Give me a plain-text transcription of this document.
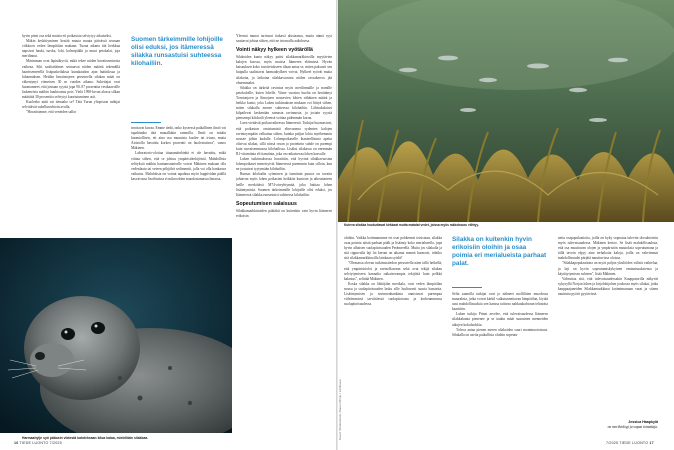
hyvin pieni osa sekä muista eti poikasista selviytyy aikuiseksi.

Mäkin keskittyminen kestää muuta muuta päivässä seuraan viikkoon veden lämpötilan mukaan. Tuona aikana tiiä herkkua napsivat haukt, turska, lohi, kolmipiikki ja muut petokalat, joja merilinnut.

Märimman ovat läpinäkyviä, mikä tekee niiden havaitsemisesta vaikeaa. Silti saaliseläimet seuraavat niiden määriä tekemällä haaritsemeerllä lisäpuskeilaksia kunakaudon ajan huiittiksua ja luhannuksen. Heidän havaintojeen perusteella silakan määt on vähentynyt viimeisen 30 m vuoden aikana. Suketiajat ovat huomanneet, että joutaan syystä jopa 90–97 prosenttia vesikaavoille laskeneista mäihin huuhtoutuu pois. Vielä 1990-luvun alussa silkan määtäitä 30 prosenttia selviytyi kuoriutuminen asti.

Kuoleeko mäti vai itenaako se? Tätä Turun yliopiston tutkijat selvittävät sukelluserhtoin avulla.

"Havaitsimme, että veneiden sallot

Suomen tärkeimmille lohijoille olisi eduksi, jos itämeressä silakka runsastuisi suhteessa kilohailiin.

irrottavat kuvaa. Emme tiedä, onko kyseessä paikallinen ilmiö vai tapahtuuko tätä muuallakin rannoilla. Ilmiö on mitäin huomiollisen, ett aina osa muunista kuoleе tai irtoaa, mutta Airistolla havaittu korkea prosentti on huolestuttava", sanoo Mäkinen.

Laboratorio-olotiua ittuaamäinhinhä ei ole havaittu, mikä viittaa siihen, että se johtuu ympäristötekijöistä. Mahdollisia selityksiä mäihin hautumstuntselle voivat Mäkinen mukaan olla vedenlaatu tai veteen pöhjälvä sedimentti, jolla voi olla hankaava vaikutus. Mahdoksia on voinut tapahtua myös happividan päällä kasvavassa lisoihtuissa ei mikroobien muodostamassa limassa.

Harmaahylje syö pääosin viidestä kahdeksaan kiloa kalaa, mielellään silakkaa.
16 TIEDE LUONTO 7/2025

Yleensä munat tarttuvat tiukasti alustaansa, mutta nämä syyt saattavat johtaa siihen, että ne irtoavalla aaltoksesa.

Vointi näkyy hylkeen vyötäröllä

Silakoiden kunto näkyy paitsi silakkamarkkinoilla myytävien kalojen koossa, myös muissa Itämeren eläimissä. Hyvän katsauksen koko tavoitetokseen tilaan antaa se, miten paksusti sen huipulla saalistavat harmaahylkeet voivat. Hylkeet syövät muita silakoita, ja laihoina silakkavuosina niiden rasvakerros jää ohuemmaksi.

Silakka on tärkeää ravintoa myös merilinnuille ja monille petokaloille, kuten lohelle. Viime vuosina huolta on herättänyt Tornionjoen ja Simojoen nousevien lohien vähäinen määrä ja heikko kunto, joka Luken tutkimuksen mukaan voi liittyä siihen, miten silakalla menee suhteessa kilohailiin. Lähisukulaiset kilpailevat keskenään samasta ravinnosta, ja jostain syystä piensempi kilohaili yleensä voittaa pidemmän koron.

Luen viettävät poikasvaiheessa Itämerestä. Tutkijat huomasivat, että poikaston omistumistä elinvuonna sydenten kalojen ravintoympään valkuttaa siihen, kuinka paljon lohia myöhemmin nousee joihin kudulle. Lohenpoikaselle ihanteellisinta apetta olisivat silakat, sillä niissä ravan ja proteiinin suhde on parempi kuin rasvaisemmassa kilohailissa. Lisäksi silakassa on enemmän B1-vitamiinia eli tiamiinia, joka on ratkaisevaa lohen kasvulle.

Luken tutkimuksessa havaittiin, että hyvinä silakkavuosina lohenpoikaset menestyivät Itämeressä paremmin kuin silloin, kun ne joutuivat tyytymään kilohailiin.

Runsas kilohailin syöminen ja tiamiinin puutos on tavattu johtavan myös lohen poikasten heikkiin kuntoon ja aiheuttaneen heille merkittävä M74-oireyhtymää, joka haittaa lohen lisääntymistä. Suomen tärkeimmille lohijoille olisi eduksi, jos Itämeressä silakka runsastuisi suhteessa kilohailiin.

Sopeutumisen salaisuus

Silakkamarkkinoiden päätähti on kuitenkin vain hyvin Itämeren erikoisin

Kuteva silakka houkuttavat kirkkaat mutta matalat vedet, joissa myös rakkohauru viihtyy.
Kuvat: Shutterstock, Rauno Rinne / Lehtikuva

olohiin. Vaikka kotimummme ert osat pohkeneat toisistaan, silakka osaa poimia niistä parhaat päält ja lisäänty koko merialueella, jopa hyvin alhaisen suolapitoisuuden Perämerellä. Mutta jos silakalla ja sitä rippuvalla laji loi kerran on aikanut mennä huonosti, tohtiko sitä silakkamarkkinoilla lainkaan syödä?

"Olemassa olevan tutkimustiedon perusteella näen tällä hetkellä, että ympäristöolot ja ravinolkuvaan sekä ovat tekijä silakan selviytymiseen kannalta ratkaisevampia tekijöitä kuin pelkkä kalastus", selittää Mäkinen.

Koska silakka on lähtöjään merikala, ovat veden lämpötilan nousu ja suolapitoisuuden lasku sille luultavasti suuria haasteita. Lisääntymisen ja ravinnonhankinta onnistuvat parempaa viileämmissä tarvittäessä suolapitoisuus ja korkeammassa suolapitoisuudessa.

Silakka on kuitenkin hyvin erikoisiin oloihin ja osaa poimia eri merialueista parhaat palat.

Selin saamilla tutkijat ovat jo nähneet mollilitten muodossa muuraksia, jotka voivat kärkil vaikutunnettavan lämpötilan, löytää uusi mahdollisuuksia sen kanssa taitivaa nahkuukahvaan teltatoita kaarittiin.

Luken tutkija Pönni arvelee, että tulevaisuudessa Itämeren silakkakanta pienenee ja se taukin määt suuruinen menneiden aikojen kokoluokkia.

Tolvoa antaa pienen meren silakoiden suuri monimuotoisuus. Silakalla on useita paikallisia oloihin sopeutu-

neita osapopulaatioita, joilla on kyky sopeutua tuleviin olosuhteisiin myös tulevaisuudessa. Mäkinen kertoo. Se lisää mahdollisuuksia, että osa muuttuvan olojen ja ympäristön muutoksia sopeutumana ja tällä tavoin elpyy aina terhakoita kaloja, joilla on vahvimmat mahdollisuudet pärjätä muuttuvissa oloissa.

"Silakkapopulaationa on myös paljon yksilöiden välistä vaihtelua, ja laji on hyvin sopeutumiskykyinen ominaisuuksiensa ja käyttäytymisen suhteen", lisää Mäkinen.

Vahvuttaa sitä, että tulevaisuudessakin Kauppatorilla näkyvät sykysyllä Norjan lohen ja kirjolohijohen joukossa myös silakat, jotka kauppaajaneiden Silakkamarkkinat kotimimunaan varat ja siinen nautintia pyörii pyytävissä.

Jessica Haapkylä
on meribiologi ja vapaa toimittaja.
7/2025 TIEDE LUONTO 17
